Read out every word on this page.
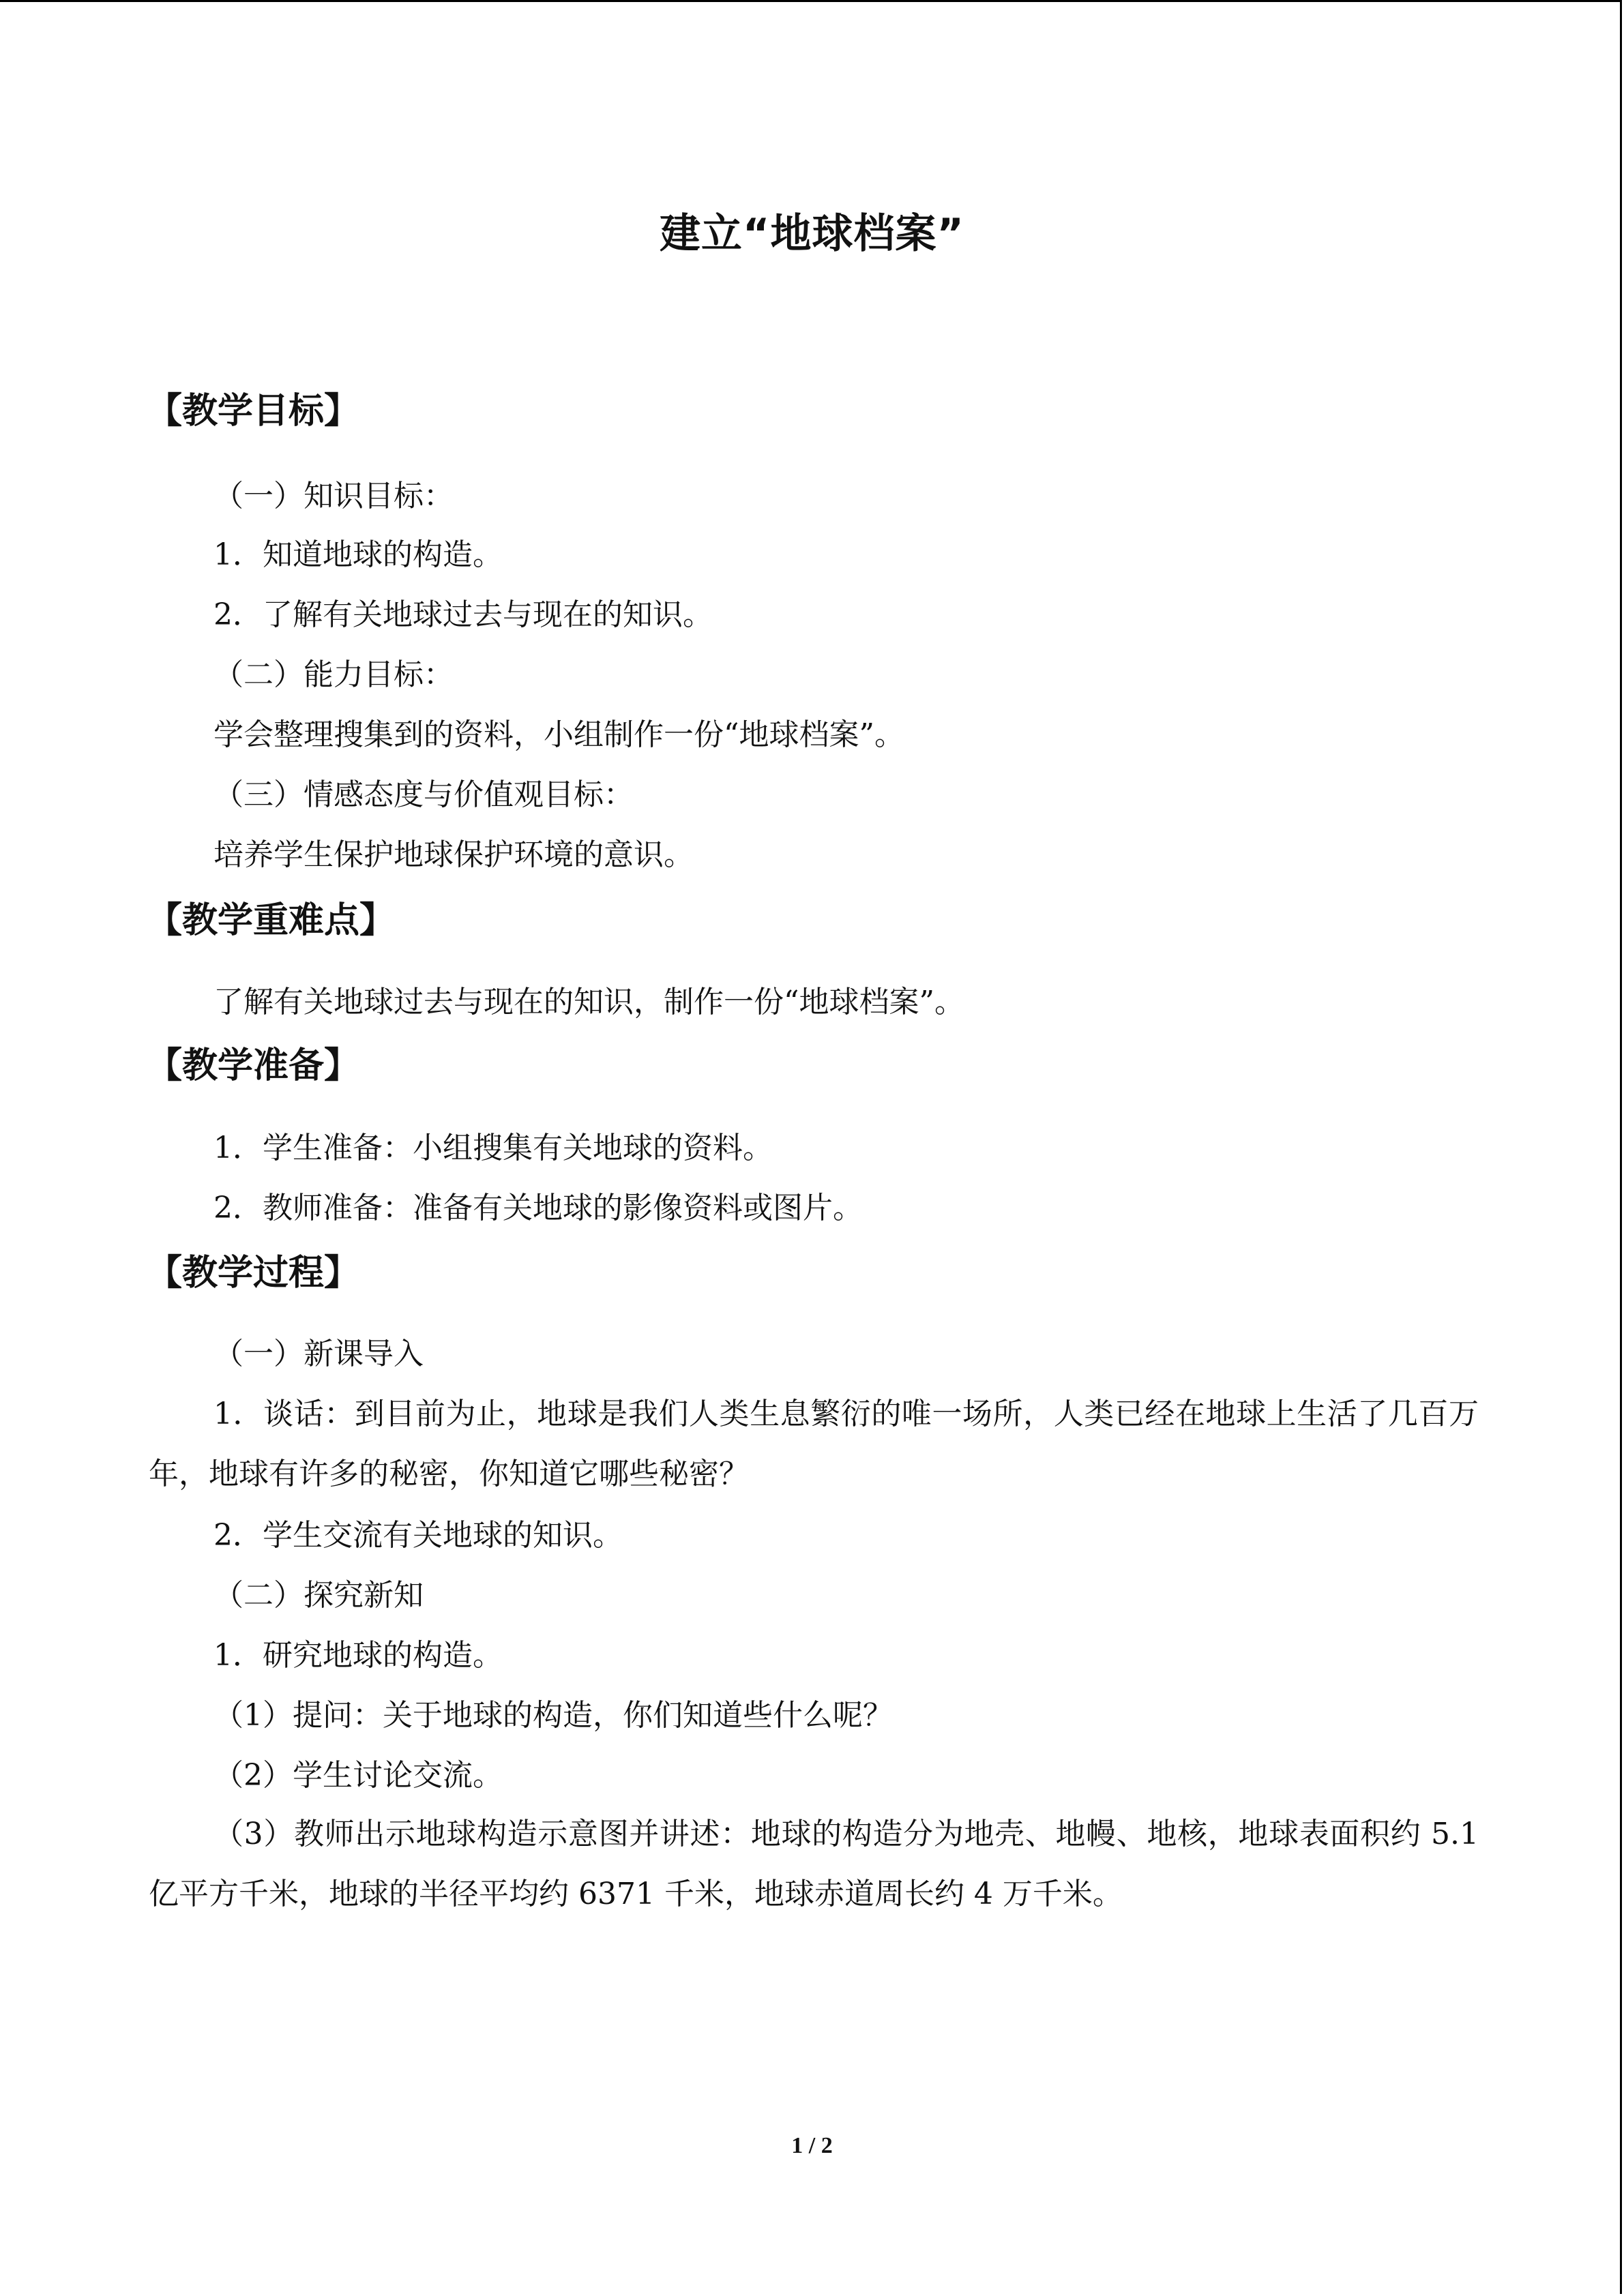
建立“地球档案”
【教学目标】

（一）知识目标：

1．知道地球的构造。

2．了解有关地球过去与现在的知识。

（二）能力目标：

学会整理搜集到的资料，小组制作一份“地球档案”。

（三）情感态度与价值观目标：

培养学生保护地球保护环境的意识。

【教学重难点】

了解有关地球过去与现在的知识，制作一份“地球档案”。

【教学准备】

1．学生准备：小组搜集有关地球的资料。

2．教师准备：准备有关地球的影像资料或图片。

【教学过程】

（一）新课导入

1．谈话：到目前为止，地球是我们人类生息繁衍的唯一场所，人类已经在地球上生活了几百万年，地球有许多的秘密，你知道它哪些秘密？

2．学生交流有关地球的知识。

（二）探究新知

1．研究地球的构造。

（1）提问：关于地球的构造，你们知道些什么呢？

（2）学生讨论交流。

（3）教师出示地球构造示意图并讲述：地球的构造分为地壳、地幔、地核，地球表面积约 5.1 亿平方千米，地球的半径平均约 6371 千米，地球赤道周长约 4 万千米。

1 / 2
